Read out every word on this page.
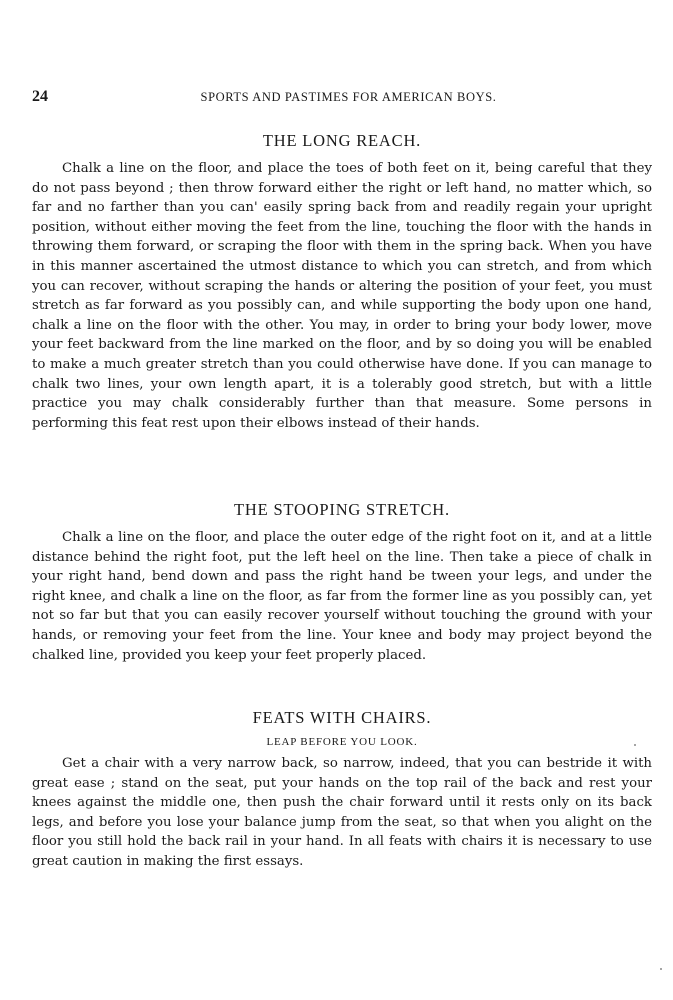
24	SPORTS AND PASTIMES FOR AMERICAN BOYS.
THE LONG REACH.

Chalk a line on the floor, and place the toes of both feet on it, being careful that they do not pass beyond ; then throw forward either the right or left hand, no matter which, so far and no farther than you can' easily spring back from and readily regain your upright position, without either moving the feet from the line, touching the floor with the hands in throwing them forward, or scraping the floor with them in the spring back. When you have in this manner ascertained the utmost distance to which you can stretch, and from which you can recover, without scraping the hands or altering the position of your feet, you must stretch as far forward as you possibly can, and while supporting the body upon one hand, chalk a line on the floor with the other. You may, in order to bring your body lower, move your feet backward from the line marked on the floor, and by so doing you will be enabled to make a much greater stretch than you could otherwise have done. If you can manage to chalk two lines, your own length apart, it is a tolerably good stretch, but with a little practice you may chalk considerably further than that measure. Some persons in performing this feat rest upon their elbows instead of their hands.

THE STOOPING STRETCH.

Chalk a line on the floor, and place the outer edge of the right foot on it, and at a little distance behind the right foot, put the left heel on the line. Then take a piece of chalk in your right hand, bend down and pass the right hand be tween your legs, and under the right knee, and chalk a line on the floor, as far from the former line as you possibly can, yet not so far but that you can easily recover yourself without touching the ground with your hands, or removing your feet from the line. Your knee and body may project beyond the chalked line, provided you keep your feet properly placed.

FEATS WITH CHAIRS.
LEAP BEFORE YOU LOOK.

Get a chair with a very narrow back, so narrow, indeed, that you can bestride it with great ease ; stand on the seat, put your hands on the top rail of the back and rest your knees against the middle one, then push the chair forward until it rests only on its back legs, and before you lose your balance jump from the seat, so that when you alight on the floor you still hold the back rail in your hand. In all feats with chairs it is necessary to use great caution in making the first essays.
